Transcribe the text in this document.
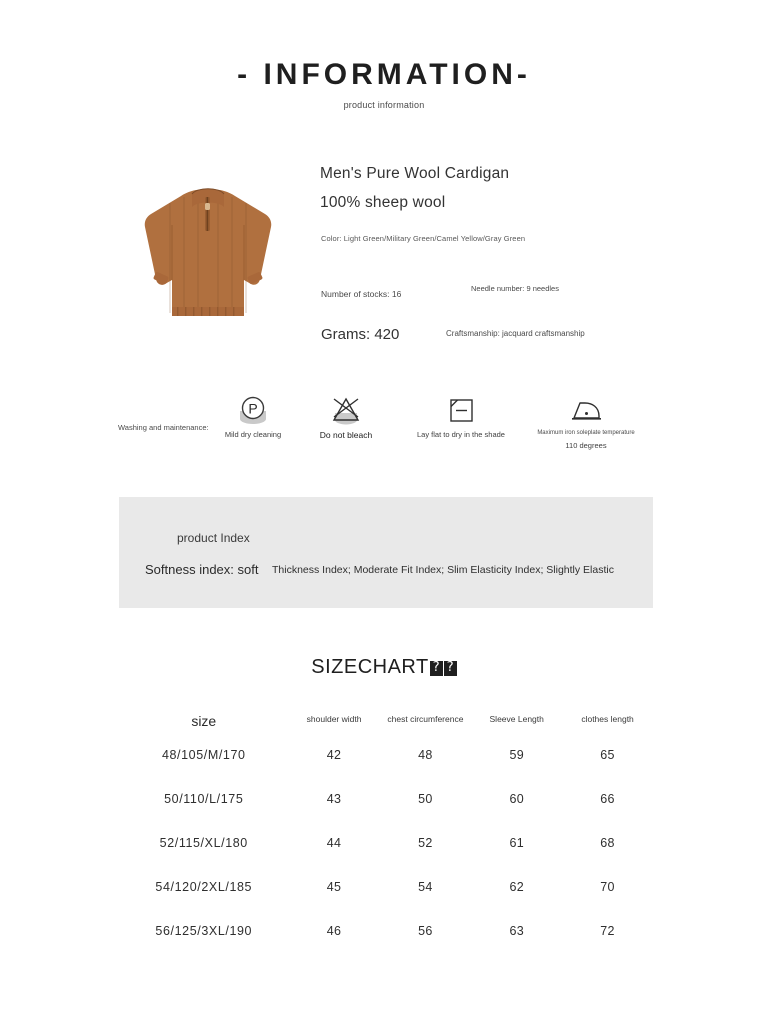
- INFORMATION-
product information
Men's Pure Wool Cardigan
100% sheep wool
Color: Light Green/Military Green/Camel Yellow/Gray Green
Number of stocks: 16
Needle number: 9 needles
Grams: 420	Craftsmanship: jacquard craftsmanship
Washing and maintenance:
P
Mild dry cleaning	Do not bleach	Lay flat to dry in the shade	Maximum iron soleplate temperature
110 degrees
product Index
Softness index: soft Thickness Index; Moderate Fit Index; Slim Elasticity Index; Slightly Elastic
SIZECHART ? ?
size	shoulder width	chest circumference	Sleeve Length	clothes length
48/105/M/170	42	48	59	65
50/110/L/175	43	50	60	66
52/115/XL/180	44	52	61	68
54/120/2XL/185	45	54	62	70
56/125/3XL/190	46	56	63	72
